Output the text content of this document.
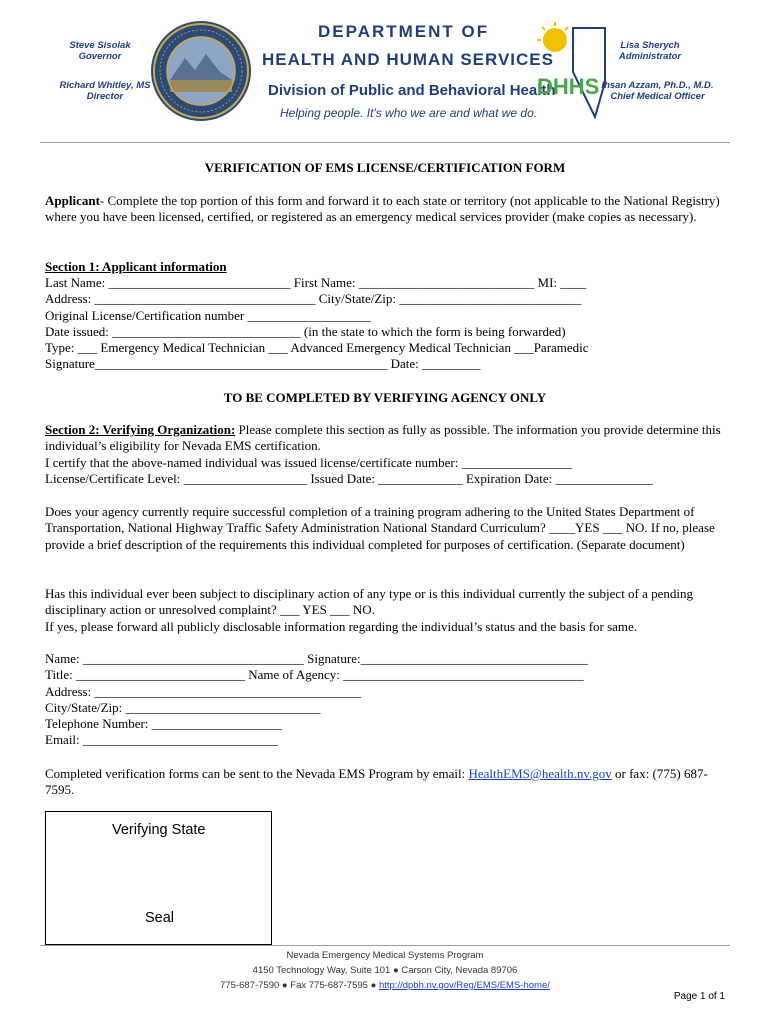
Steve Sisolak
Governor
Richard Whitley, MS
Director
DEPARTMENT OF
HEALTH AND HUMAN SERVICES
Division of Public and Behavioral Health
Helping people. It's who we are and what we do.
DHHS
Lisa Sherych
Administrator
Ihsan Azzam, Ph.D., M.D.
Chief Medical Officer
VERIFICATION OF EMS LICENSE/CERTIFICATION FORM
Applicant- Complete the top portion of this form and forward it to each state or territory (not applicable to the National Registry) where you have been licensed, certified, or registered as an emergency medical services provider (make copies as necessary).
Section 1: Applicant information
Last Name: ____________________________ First Name: ___________________________ MI: ____
Address: __________________________________ City/State/Zip: ____________________________
Original License/Certification number ___________________
Date issued: _____________________________ (in the state to which the form is being forwarded)
Type: ___ Emergency Medical Technician ___ Advanced Emergency Medical Technician ___Paramedic
Signature_____________________________________________ Date: _________
TO BE COMPLETED BY VERIFYING AGENCY ONLY
Section 2: Verifying Organization: Please complete this section as fully as possible. The information you provide determine this individual’s eligibility for Nevada EMS certification.
I certify that the above-named individual was issued license/certificate number: _________________
License/Certificate Level: ___________________ Issued Date: _____________ Expiration Date: _______________
Does your agency currently require successful completion of a training program adhering to the United States Department of Transportation, National Highway Traffic Safety Administration National Standard Curriculum? ____YES ___ NO. If no, please provide a brief description of the requirements this individual completed for purposes of certification. (Separate document)
Has this individual ever been subject to disciplinary action of any type or is this individual currently the subject of a pending disciplinary action or unresolved complaint? ___ YES ___ NO.
If yes, please forward all publicly disclosable information regarding the individual’s status and the basis for same.
Name: __________________________________ Signature:___________________________________
Title: __________________________ Name of Agency: _____________________________________
Address: _________________________________________
City/State/Zip: ______________________________
Telephone Number: ____________________
Email: ______________________________
Completed verification forms can be sent to the Nevada EMS Program by email: HealthEMS@health.nv.gov or fax: (775) 687-7595.
Verifying State
Seal
Nevada Emergency Medical Systems Program
4150 Technology Way, Suite 101 ● Carson City, Nevada 89706
775-687-7590 ● Fax 775-687-7595 ● http://dpbh.nv.gov/Reg/EMS/EMS-home/
Page 1 of 1
